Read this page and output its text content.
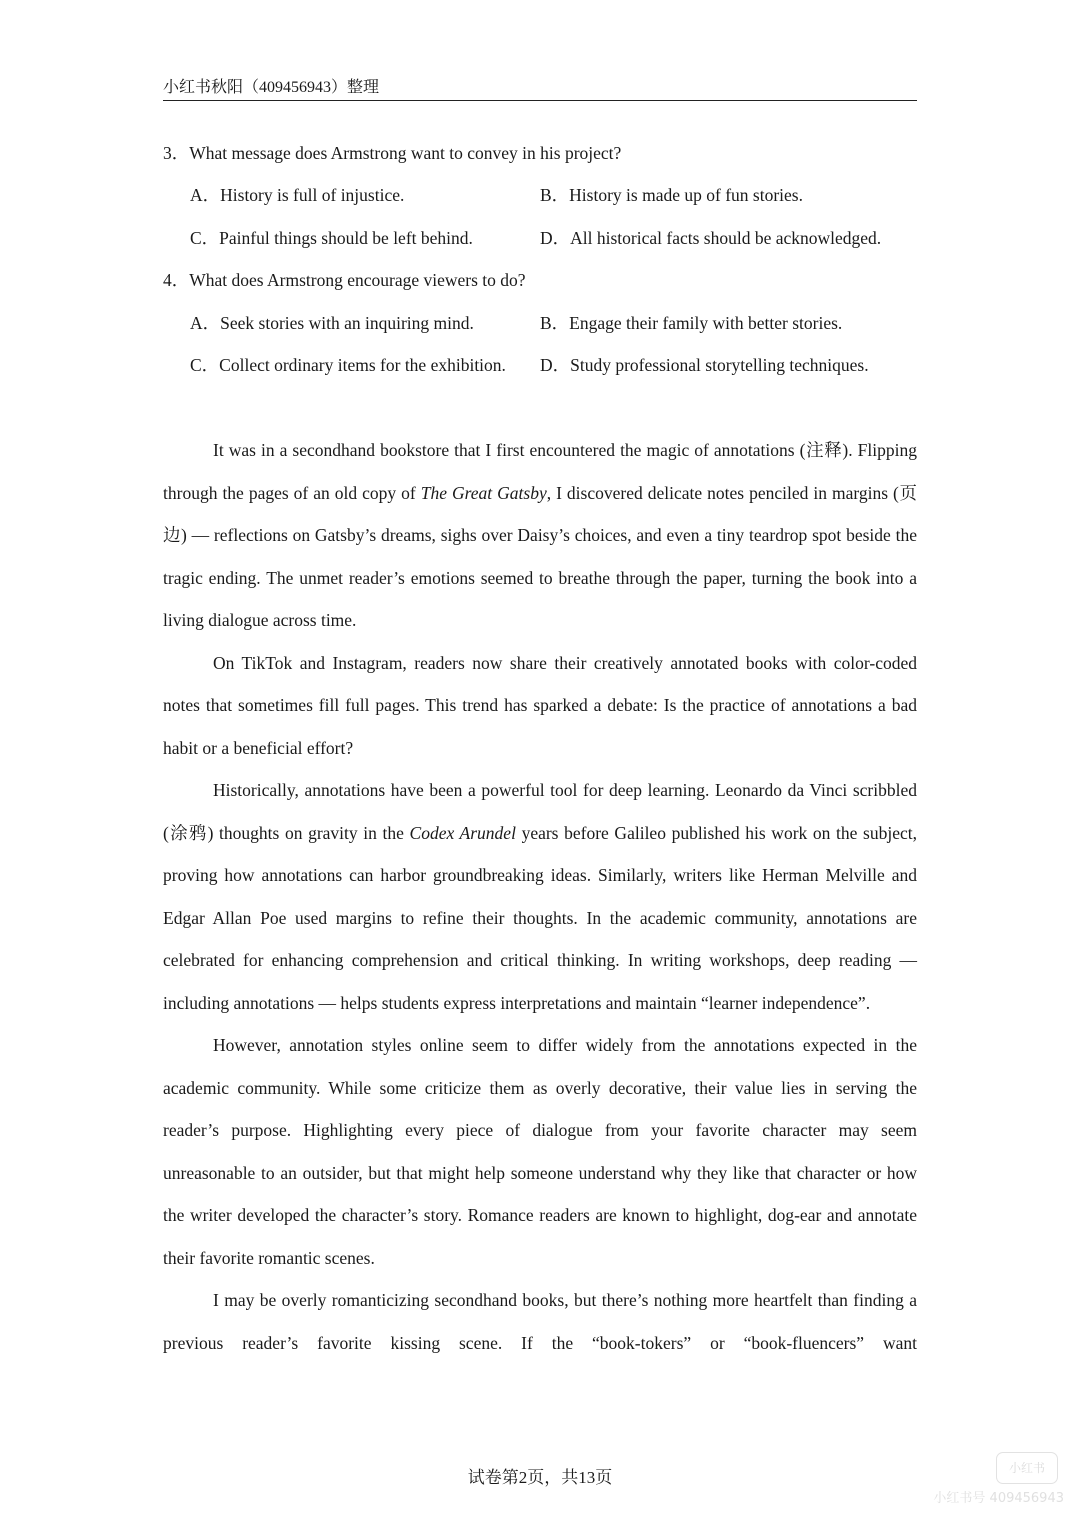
小红书秋阳（409456943）整理
3．What message does Armstrong want to convey in his project?
A．History is full of injustice.	B．History is made up of fun stories.
C．Painful things should be left behind.	D．All historical facts should be acknowledged.
4．What does Armstrong encourage viewers to do?
A．Seek stories with an inquiring mind.	B．Engage their family with better stories.
C．Collect ordinary items for the exhibition. D．Study professional storytelling techniques.

It was in a secondhand bookstore that I first encountered the magic of annotations (注释). Flipping through the pages of an old copy of The Great Gatsby, I discovered delicate notes penciled in margins (页边) — reflections on Gatsby’s dreams, sighs over Daisy’s choices, and even a tiny teardrop spot beside the tragic ending. The unmet reader’s emotions seemed to breathe through the paper, turning the book into a living dialogue across time.

On TikTok and Instagram, readers now share their creatively annotated books with color-coded notes that sometimes fill full pages. This trend has sparked a debate: Is the practice of annotations a bad habit or a beneficial effort?

Historically, annotations have been a powerful tool for deep learning. Leonardo da Vinci scribbled (涂鸦) thoughts on gravity in the Codex Arundel years before Galileo published his work on the subject, proving how annotations can harbor groundbreaking ideas. Similarly, writers like Herman Melville and Edgar Allan Poe used margins to refine their thoughts. In the academic community, annotations are celebrated for enhancing comprehension and critical thinking. In writing workshops, deep reading — including annotations — helps students express interpretations and maintain “learner independence”.

However, annotation styles online seem to differ widely from the annotations expected in the academic community. While some criticize them as overly decorative, their value lies in serving the reader’s purpose. Highlighting every piece of dialogue from your favorite character may seem unreasonable to an outsider, but that might help someone understand why they like that character or how the writer developed the character’s story. Romance readers are known to highlight, dog-ear and annotate their favorite romantic scenes.

I may be overly romanticizing secondhand books, but there’s nothing more heartfelt than finding a previous reader’s favorite kissing scene. If the “book-tokers” or “book-fluencers” want

试卷第2页，共13页	小红书
小红书号 409456943
